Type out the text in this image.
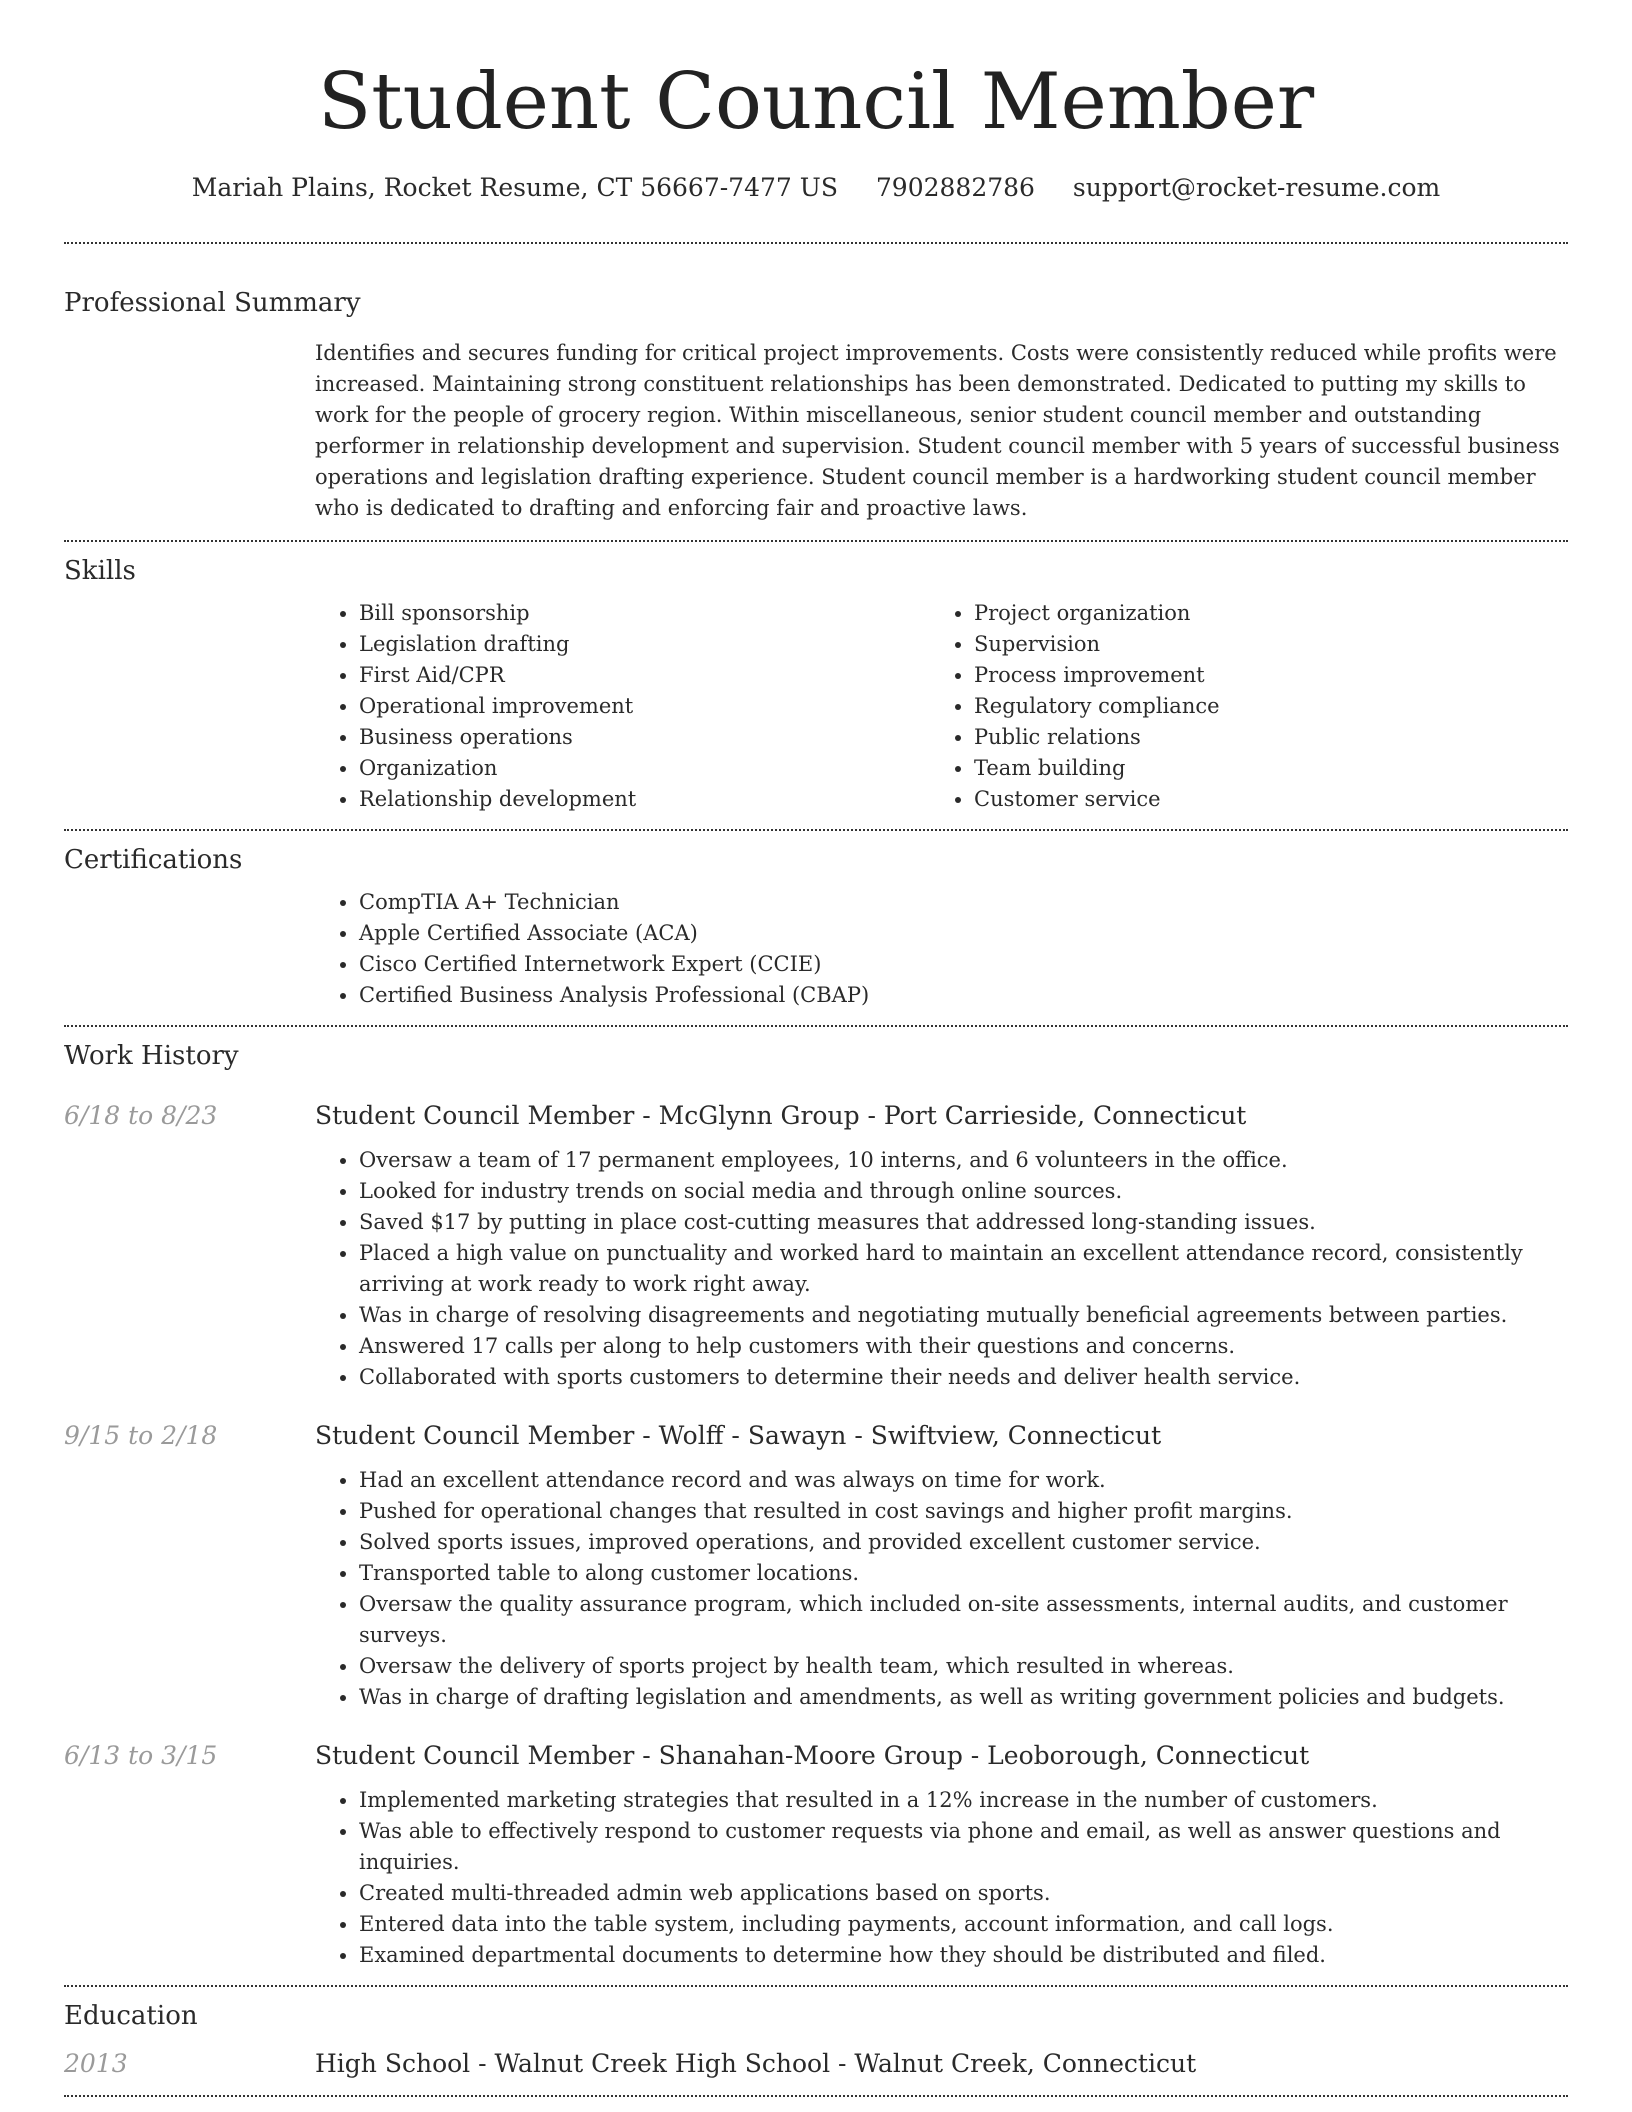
Student Council Member
Mariah Plains, Rocket Resume, CT 56667-7477 US 7902882786 support@rocket-resume.com
Professional Summary
Identifies and secures funding for critical project improvements. Costs were consistently reduced while profits were increased. Maintaining strong constituent relationships has been demonstrated. Dedicated to putting my skills to work for the people of grocery region. Within miscellaneous, senior student council member and outstanding performer in relationship development and supervision. Student council member with 5 years of successful business operations and legislation drafting experience. Student council member is a hardworking student council member who is dedicated to drafting and enforcing fair and proactive laws.
Skills
• Bill sponsorship
• Legislation drafting
• First Aid/CPR
• Operational improvement
• Business operations
• Organization
• Relationship development
• Project organization
• Supervision
• Process improvement
• Regulatory compliance
• Public relations
• Team building
• Customer service
Certifications
• CompTIA A+ Technician
• Apple Certified Associate (ACA)
• Cisco Certified Internetwork Expert (CCIE)
• Certified Business Analysis Professional (CBAP)
Work History
6/18 to 8/23	Student Council Member - McGlynn Group - Port Carrieside, Connecticut
• Oversaw a team of 17 permanent employees, 10 interns, and 6 volunteers in the office.
• Looked for industry trends on social media and through online sources.
• Saved $17 by putting in place cost-cutting measures that addressed long-standing issues.
• Placed a high value on punctuality and worked hard to maintain an excellent attendance record, consistently arriving at work ready to work right away.
• Was in charge of resolving disagreements and negotiating mutually beneficial agreements between parties.
• Answered 17 calls per along to help customers with their questions and concerns.
• Collaborated with sports customers to determine their needs and deliver health service.
9/15 to 2/18	Student Council Member - Wolff - Sawayn - Swiftview, Connecticut
• Had an excellent attendance record and was always on time for work.
• Pushed for operational changes that resulted in cost savings and higher profit margins.
• Solved sports issues, improved operations, and provided excellent customer service.
• Transported table to along customer locations.
• Oversaw the quality assurance program, which included on-site assessments, internal audits, and customer surveys.
• Oversaw the delivery of sports project by health team, which resulted in whereas.
• Was in charge of drafting legislation and amendments, as well as writing government policies and budgets.
6/13 to 3/15	Student Council Member - Shanahan-Moore Group - Leoborough, Connecticut
• Implemented marketing strategies that resulted in a 12% increase in the number of customers.
• Was able to effectively respond to customer requests via phone and email, as well as answer questions and inquiries.
• Created multi-threaded admin web applications based on sports.
• Entered data into the table system, including payments, account information, and call logs.
• Examined departmental documents to determine how they should be distributed and filed.
Education
2013	High School - Walnut Creek High School - Walnut Creek, Connecticut
